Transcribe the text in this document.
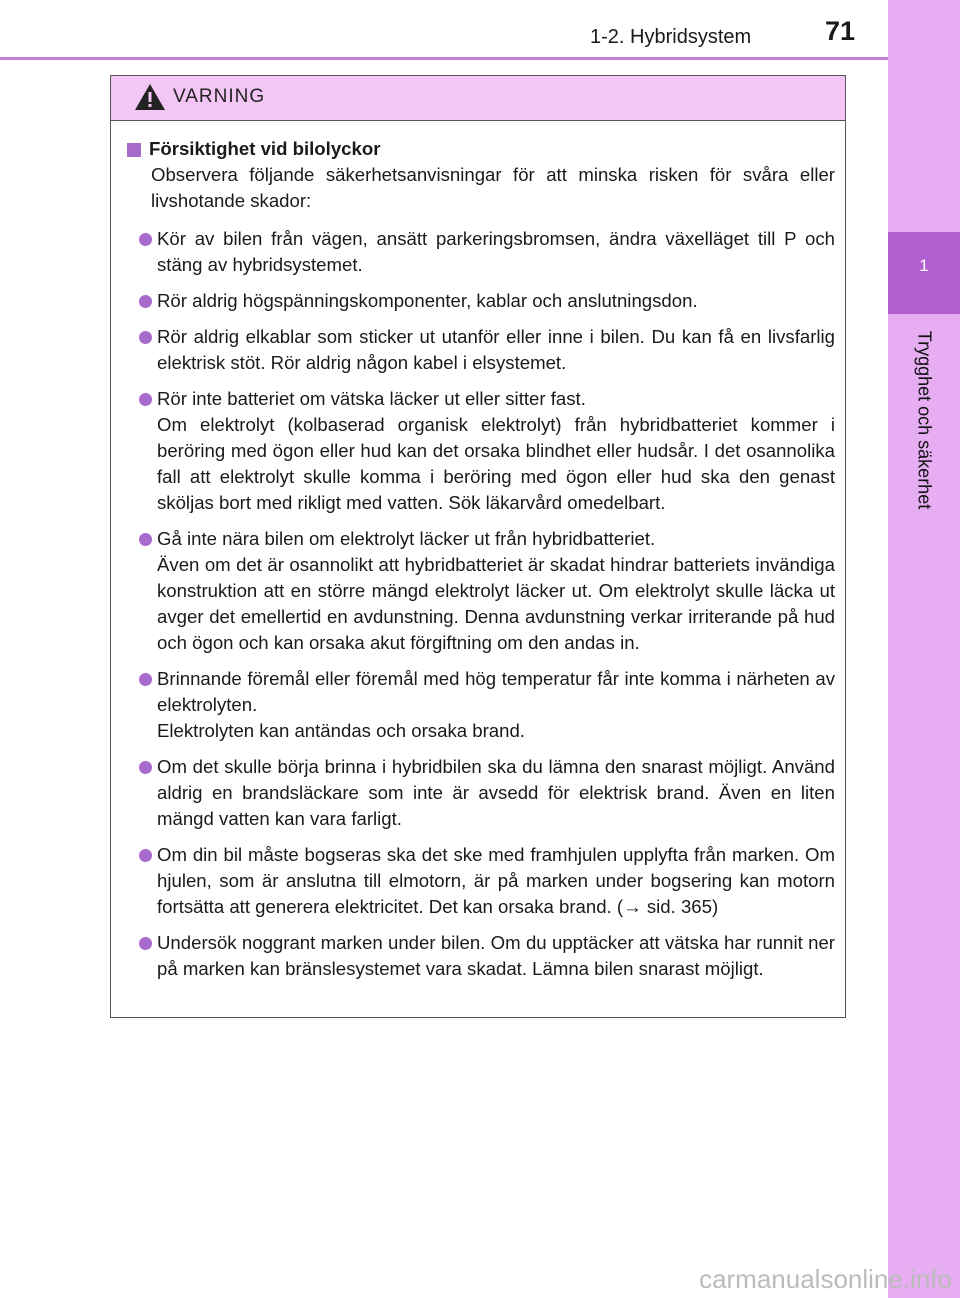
1-2. Hybridsystem	71
1
Trygghet och säkerhet
VARNING
Försiktighet vid bilolyckor
Observera följande säkerhetsanvisningar för att minska risken för svåra eller livshotande skador:
Kör av bilen från vägen, ansätt parkeringsbromsen, ändra växelläget till P och stäng av hybridsystemet.
Rör aldrig högspänningskomponenter, kablar och anslutningsdon.
Rör aldrig elkablar som sticker ut utanför eller inne i bilen. Du kan få en livsfarlig elektrisk stöt. Rör aldrig någon kabel i elsystemet.
Rör inte batteriet om vätska läcker ut eller sitter fast.
Om elektrolyt (kolbaserad organisk elektrolyt) från hybridbatteriet kommer i beröring med ögon eller hud kan det orsaka blindhet eller hudsår. I det osannolika fall att elektrolyt skulle komma i beröring med ögon eller hud ska den genast sköljas bort med rikligt med vatten. Sök läkarvård omedelbart.
Gå inte nära bilen om elektrolyt läcker ut från hybridbatteriet.
Även om det är osannolikt att hybridbatteriet är skadat hindrar batteriets invändiga konstruktion att en större mängd elektrolyt läcker ut. Om elektrolyt skulle läcka ut avger det emellertid en avdunstning. Denna avdunstning verkar irriterande på hud och ögon och kan orsaka akut förgiftning om den andas in.
Brinnande föremål eller föremål med hög temperatur får inte komma i närheten av elektrolyten.
Elektrolyten kan antändas och orsaka brand.
Om det skulle börja brinna i hybridbilen ska du lämna den snarast möjligt. Använd aldrig en brandsläckare som inte är avsedd för elektrisk brand. Även en liten mängd vatten kan vara farligt.
Om din bil måste bogseras ska det ske med framhjulen upplyfta från marken. Om hjulen, som är anslutna till elmotorn, är på marken under bogsering kan motorn fortsätta att generera elektricitet. Det kan orsaka brand. (→ sid. 365)
Undersök noggrant marken under bilen. Om du upptäcker att vätska har runnit ner på marken kan bränslesystemet vara skadat. Lämna bilen snarast möjligt.
carmanualsonline.info
